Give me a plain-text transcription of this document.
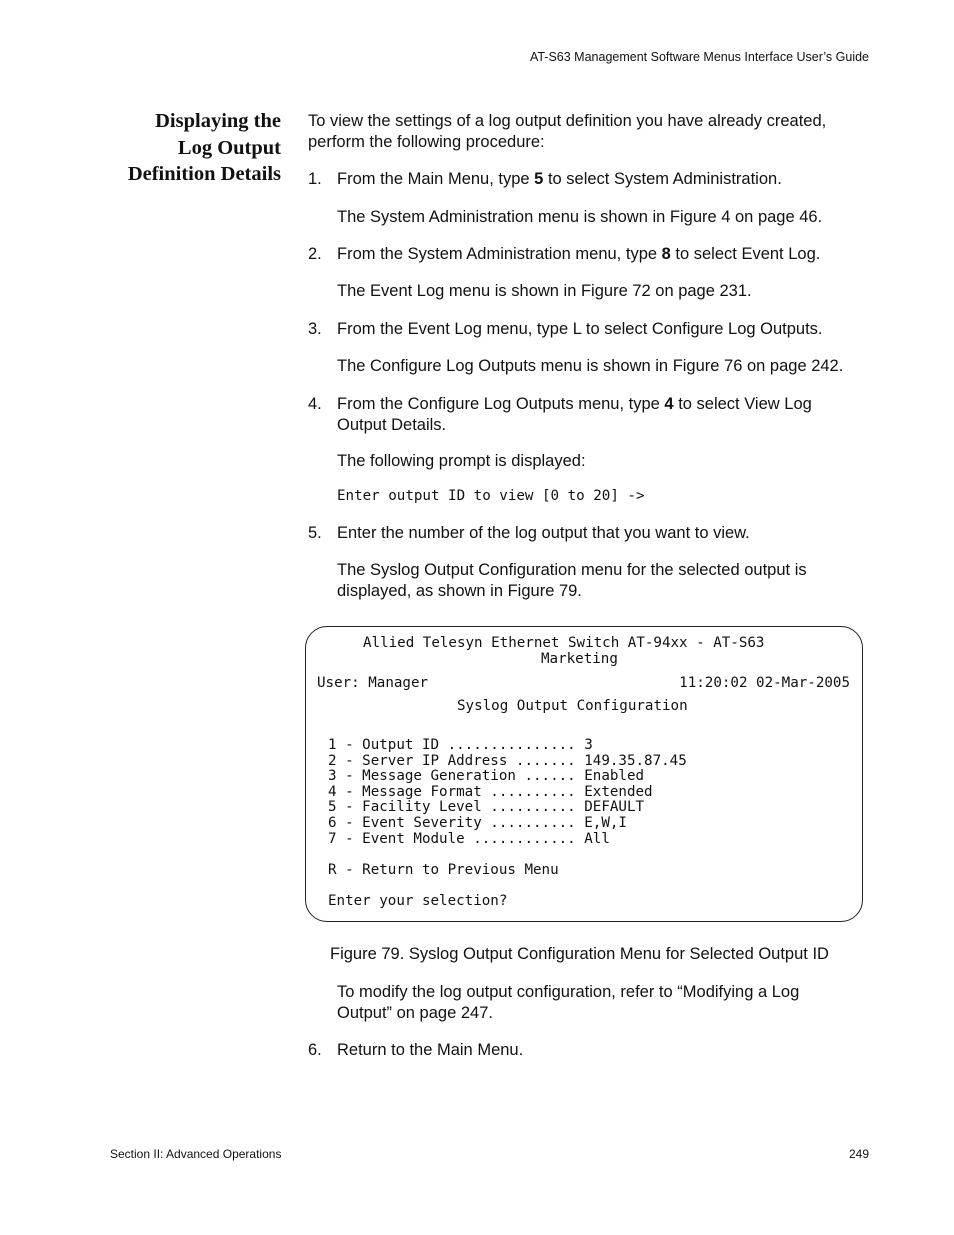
AT-S63 Management Software Menus Interface User’s Guide
Displaying the
Log Output
Definition Details
To view the settings of a log output definition you have already created, perform the following procedure:
1. From the Main Menu, type 5 to select System Administration.
The System Administration menu is shown in Figure 4 on page 46.
2. From the System Administration menu, type 8 to select Event Log.
The Event Log menu is shown in Figure 72 on page 231.
3. From the Event Log menu, type L to select Configure Log Outputs.
The Configure Log Outputs menu is shown in Figure 76 on page 242.
4. From the Configure Log Outputs menu, type 4 to select View Log Output Details.
The following prompt is displayed:
Enter output ID to view [0 to 20] ->
5. Enter the number of the log output that you want to view.
The Syslog Output Configuration menu for the selected output is displayed, as shown in Figure 79.
Allied Telesyn Ethernet Switch AT-94xx - AT-S63
Marketing
User: Manager	11:20:02 02-Mar-2005
Syslog Output Configuration
1 - Output ID ............... 3
2 - Server IP Address ....... 149.35.87.45
3 - Message Generation ...... Enabled
4 - Message Format .......... Extended
5 - Facility Level .......... DEFAULT
6 - Event Severity .......... E,W,I
7 - Event Module ............ All
R - Return to Previous Menu
Enter your selection?
Figure 79. Syslog Output Configuration Menu for Selected Output ID
To modify the log output configuration, refer to “Modifying a Log Output” on page 247.
6. Return to the Main Menu.
Section II: Advanced Operations	249
